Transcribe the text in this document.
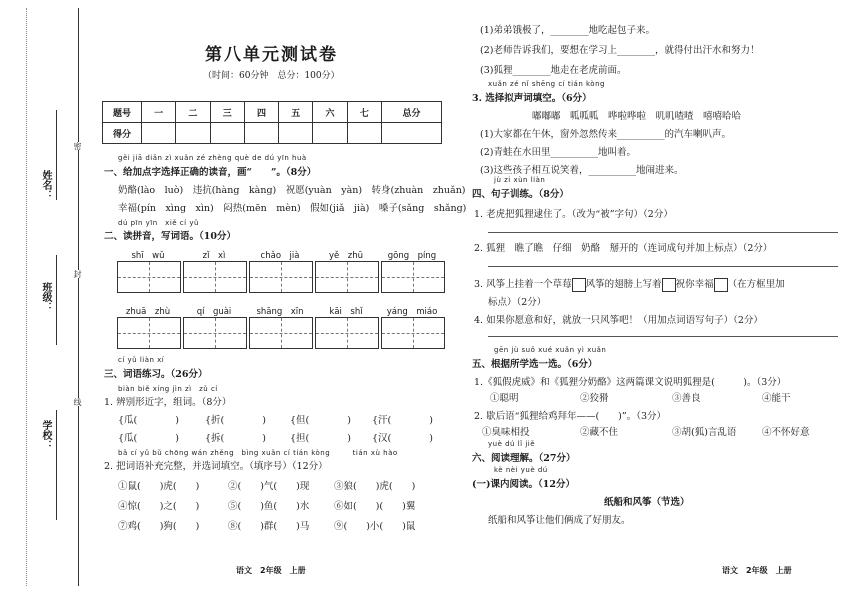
姓名：
班级：
学校：
密
封
线
第八单元测试卷
（时间：60分钟　总分：100分）
题号	一	二	三	四	五	六	七	总分
得分								
gěi jiā diǎn zì xuǎn zé zhèng què de dú yīn huà
一、给加点字选择正确的读音，画“　　”。（8分）
奶酪(lào　luò)　违抗(hàng　kàng)　祝愿(yuàn　yàn)　转身(zhuàn　zhuǎn)
幸福(pín　xìng　xìn)　闷热(mēn　mèn)　假如(jiǎ　jià)　嗓子(sǎng　shǎng)
dú pīn yīn　xiě cí yǔ
二、读拼音，写词语。（10分）
shī　wǔ	zǐ　xì	chǎo　jià	yě　zhū	gōng　píng
zhuā　zhù	qí　guài	shāng　xīn	kāi　shǐ	yáng　miáo
cí yǔ liàn xí
三、词语练习。（26分）
biàn biě xíng jìn zì　zǔ cí
1. 辨别形近字，组词。（8分）
{瓜(　　　　)	{折(　　　　)	{但(　　　　) {汗(　　　　)
{瓜(　　　　)	{拆(　　　　)	{担(　　　　) {汉(　　　　)
bǎ cí yǔ bǔ chōng wán zhěng　bìng xuǎn cí tián kòng　　　tián xù hào
2. 把词语补充完整，并选词填空。（填序号）（12分）
①鼠(　　)虎(　　)	②(　　)气(　　)现	③狼(　　)虎(　　)
④惊(　　)之(　　)	⑤(　　)鱼(　　)水	⑥如(　　)(　　)翼
⑦鸡(　　)狗(　　)	⑧(　　)群(　　)马	⑨(　　)小(　　)鼠
语文　2年级　上册
(1)弟弟饿极了，________地吃起包子来。
(2)老师告诉我们，要想在学习上________，就得付出汗水和努力！
(3)狐狸________地走在老虎前面。
xuǎn zé nǐ shēng cí tián kòng
3. 选择拟声词填空。（6分）
嘟嘟嘟　呱呱呱　哗啦哗啦　叽叽喳喳　嘻嘻哈哈
(1)大家都在午休，窗外忽然传来__________的汽车喇叭声。
(2)青蛙在水田里__________地叫着。
(3)这些孩子相互说笑着，__________地闹进来。
jù zi xùn liàn
四、句子训练。（8分）
1. 老虎把狐狸逮住了。（改为“被”字句）（2分）
2. 狐狸　瞧了瞧　仔细　奶酪　掰开的（连词成句并加上标点）（2分）
3. 风筝上挂着一个草莓 风筝的翅膀上写着 祝你幸福 （在方框里加
标点）（2分）
4. 如果你愿意和好，就放一只风筝吧！（用加点词语写句子）（2分）
gēn jù suǒ xué xuǎn yì xuǎn
五、根据所学选一选。（6分）
1.《狐假虎威》和《狐狸分奶酪》这两篇课文说明狐狸是(　　　)。（3分）
①聪明	②狡猾	③善良	④能干
2. 歇后语“狐狸给鸡拜年——(　　)”。（3分）
①臭味相投	②藏不住	③胡(狐)言乱语	④不怀好意
yuè dú lǐ jiě
六、阅读理解。（27分）
kè nèi yuè dú
(一)课内阅读。（12分）
纸船和风筝（节选）
纸船和风筝让他们俩成了好朋友。
语文　2年级　上册
